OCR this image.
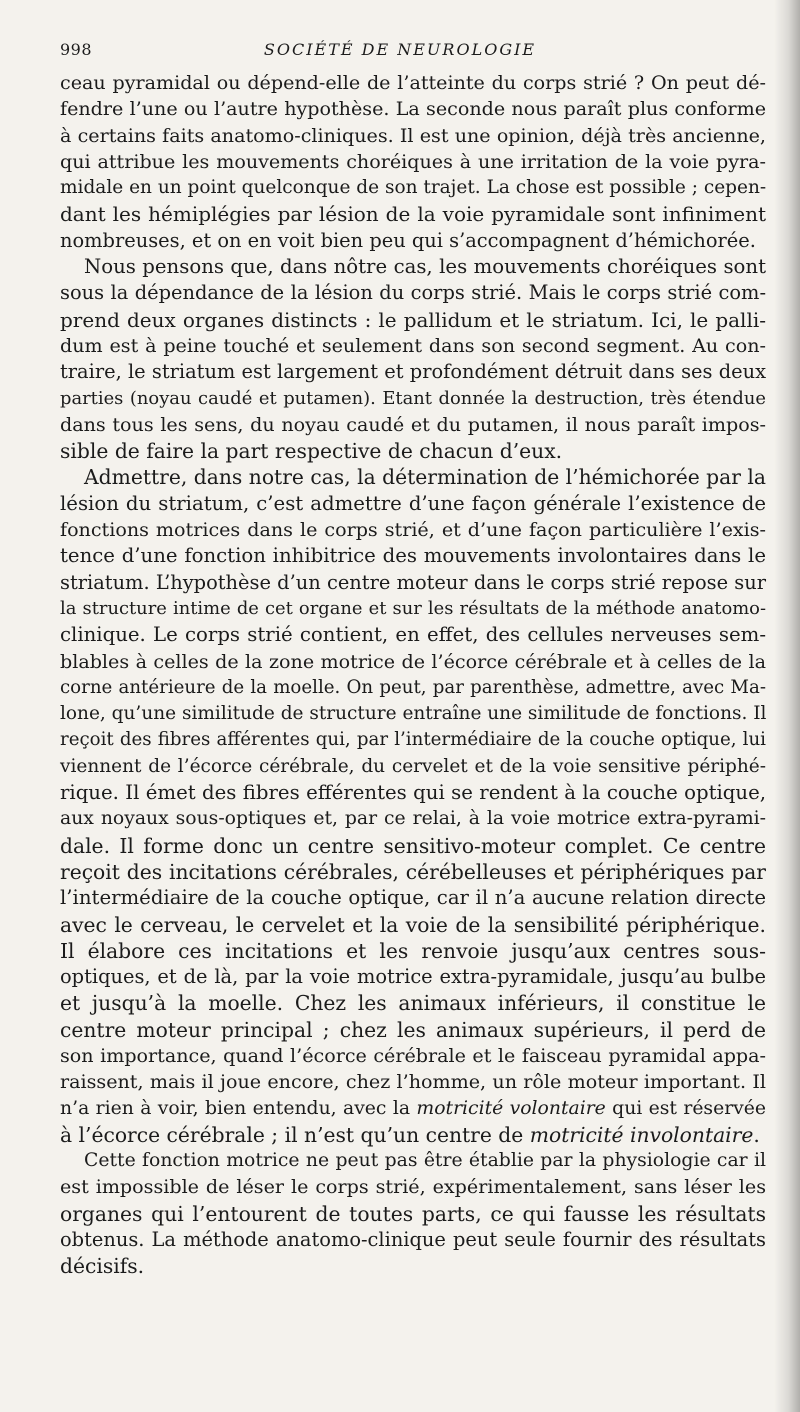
998	SOCIÉTÉ DE NEUROLOGIE
ceau pyramidal ou dépend-elle de l’atteinte du corps strié ? On peut dé-
fendre l’une ou l’autre hypothèse. La seconde nous paraît plus conforme
à certains faits anatomo-cliniques. Il est une opinion, déjà très ancienne,
qui attribue les mouvements choréiques à une irritation de la voie pyra-
midale en un point quelconque de son trajet. La chose est possible ; cepen-
dant les hémiplégies par lésion de la voie pyramidale sont infiniment
nombreuses, et on en voit bien peu qui s’accompagnent d’hémichorée.
Nous pensons que, dans nôtre cas, les mouvements choréiques sont
sous la dépendance de la lésion du corps strié. Mais le corps strié com-
prend deux organes distincts : le pallidum et le striatum. Ici, le palli-
dum est à peine touché et seulement dans son second segment. Au con-
traire, le striatum est largement et profondément détruit dans ses deux
parties (noyau caudé et putamen). Etant donnée la destruction, très étendue
dans tous les sens, du noyau caudé et du putamen, il nous paraît impos-
sible de faire la part respective de chacun d’eux.
Admettre, dans notre cas, la détermination de l’hémichorée par la
lésion du striatum, c’est admettre d’une façon générale l’existence de
fonctions motrices dans le corps strié, et d’une façon particulière l’exis-
tence d’une fonction inhibitrice des mouvements involontaires dans le
striatum. L’hypothèse d’un centre moteur dans le corps strié repose sur
la structure intime de cet organe et sur les résultats de la méthode anatomo-
clinique. Le corps strié contient, en effet, des cellules nerveuses sem-
blables à celles de la zone motrice de l’écorce cérébrale et à celles de la
corne antérieure de la moelle. On peut, par parenthèse, admettre, avec Ma-
lone, qu’une similitude de structure entraîne une similitude de fonctions. Il
reçoit des fibres afférentes qui, par l’intermédiaire de la couche optique, lui
viennent de l’écorce cérébrale, du cervelet et de la voie sensitive périphé-
rique. Il émet des fibres efférentes qui se rendent à la couche optique,
aux noyaux sous-optiques et, par ce relai, à la voie motrice extra-pyrami-
dale. Il forme donc un centre sensitivo-moteur complet. Ce centre
reçoit des incitations cérébrales, cérébelleuses et périphériques par
l’intermédiaire de la couche optique, car il n’a aucune relation directe
avec le cerveau, le cervelet et la voie de la sensibilité périphérique.
Il élabore ces incitations et les renvoie jusqu’aux centres sous-
optiques, et de là, par la voie motrice extra-pyramidale, jusqu’au bulbe
et jusqu’à la moelle. Chez les animaux inférieurs, il constitue le
centre moteur principal ; chez les animaux supérieurs, il perd de
son importance, quand l’écorce cérébrale et le faisceau pyramidal appa-
raissent, mais il joue encore, chez l’homme, un rôle moteur important. Il
n’a rien à voir, bien entendu, avec la motricité volontaire qui est réservée
à l’écorce cérébrale ; il n’est qu’un centre de motricité involontaire.
Cette fonction motrice ne peut pas être établie par la physiologie car il
est impossible de léser le corps strié, expérimentalement, sans léser les
organes qui l’entourent de toutes parts, ce qui fausse les résultats
obtenus. La méthode anatomo-clinique peut seule fournir des résultats
décisifs.
